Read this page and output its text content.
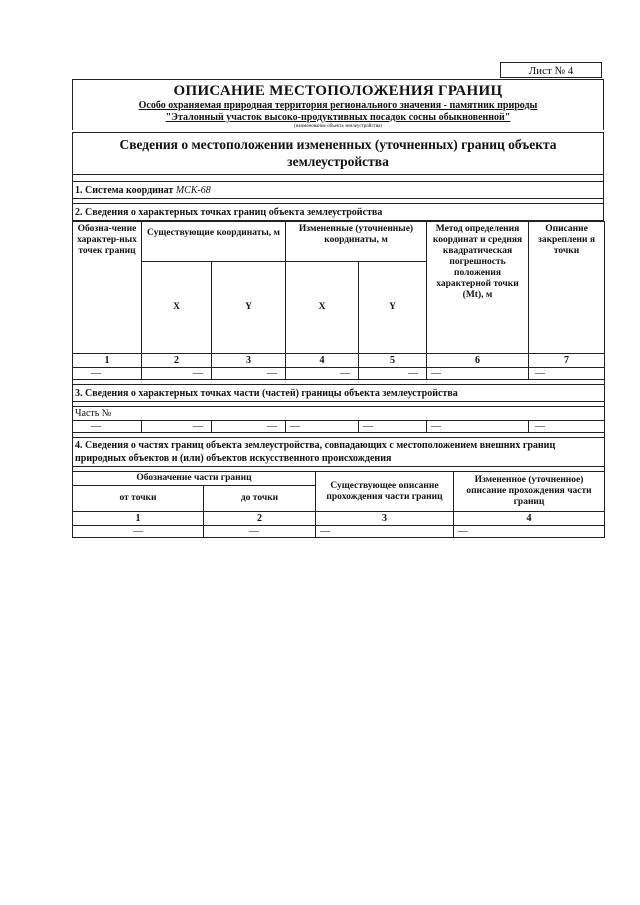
Лист № 4
ОПИСАНИЕ МЕСТОПОЛОЖЕНИЯ ГРАНИЦ
Особо охраняемая природная территория регионального значения - памятник природы
"Эталонный участок высоко-продуктивных посадок сосны обыкновенной"
(наименование объекта землеустройства)
Сведения о местоположении измененных (уточненных) границ объекта землеустройства

1. Система координат МСК-68

2. Сведения о характерных точках границ объекта землеустройства
Обозна-чение характер-ных точек границ	Существующие координаты, м		Измененные (уточненные) координаты, м		Метод определения координат и средняя квадратическая погрешность положения характерной точки (Mt), м	Описание закреплени я точки
	X	Y	X	Y		
1	2	3	4	5	6	7
—	—	—	—	—	—	—

3. Сведения о характерных точках части (частей) границы объекта землеустройства

Часть №
—	—	—	—	—	—	—

4. Сведения о частях границ объекта землеустройства, совпадающих с местоположением внешних границ природных объектов и (или) объектов искусственного происхождения			

Обозначение части границ		Существующее описание прохождения части границ	Измененное (уточненное) описание прохождения части границ
от точки	до точки		
1	2	3	4
—	—	—	—
